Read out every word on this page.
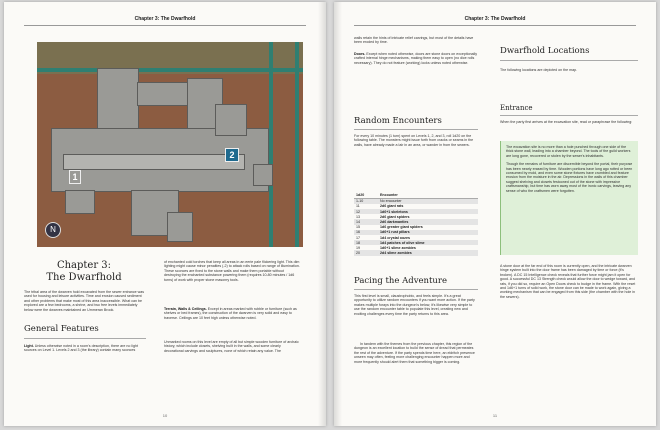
Chapter 3: The Dwarfhold
1
2
N
Chapter 3:
The Dwarfhold

The tribal area of the dwarven hold excavated from the sewer entrance was used for housing and leisure activities. Time and erosion caused sediment and other problems that make most of this area inaccessible. What can be explored are a few bedrooms, a shrine, and two free levels immediately below were the dwarves maintained an Ummeran Brook.

General Features

Light. Unless otherwise noted in a room's description, there are no light sources on Level 1. Levels 2 and 3 (the library) contain many sconces

of enchanted cold torches that keep all areas in an eerie pale flickering light. This dim lighting might cause minor penalties (-2) to attack rolls based on range of illumination. These sconces are fixed to the stone walls and make them portable without destroying the enchanted substance powering them (requires 10-80 minutes / 1d6 turns) of work with proper stone masonry tools.

Terrain, Walls & Ceilings. Except in areas marked with rubble or furniture (such as shelves or bed frames), the construction of the dwarven is very solid and easy to traverse. Ceilings are 10 feet high unless otherwise noted.

Unmarked rooms on this level are empty of all but simple wooden furniture of archaic history, which include closets, shelving built in the walls, and some clearly decorational carvings and sculptures, none of which retain any value. The

10
Chapter 3: The Dwarfhold

walls retain the hints of intricate relief carvings, but most of the details have been eroded by time.

Doors. Except when noted otherwise, doors are stone doors on exceptionally crafted internal hinge mechanisms, making them easy to open (no dice rolls necessary). They do not feature (working) locks unless noted otherwise.

Random Encounters

For every 10 minutes (1 turn) spent on Levels 1, 2, and 3, roll 1d20 on the following table. The monsters might issue forth from cracks or seams in the walls, have already made a lair in an area, or wander in from the sewers.

1d20	Encounter
1-10	No encounter
11	2d6 giant rats
12	1d6+1 skeletons
13	2d6 giant spiders
14	2d6 darkmantles
15	1d6 greater giant spiders
16	1d6+1 rust pillars
17	1d4 crystal oozes
18	1d4 patches of olive slime
19	1d6+1 slime zombies
20	2d4 slime zombies
Pacing the Adventure

This first level is small, claustrophobic, and feels simple. It's a great opportunity to utilize random encounters if you want more action. If the party makes multiple forays into the dungeon's below, it's likewise very simple to use the random encounter table to populate this level, creating new and exciting challenges every time the party returns to this area.

In tandem with the themes from the previous chapter, this region of the dungeon is an excellent location to build the sense of dread that permeates the rest of the adventure. If the party spends time here, an eldritch presence unseen may often, feeling more challenging encounter happen more and more frequently should alert them that something bigger is coming.

Dwarfhold Locations

The following locations are depicted on the map.

Entrance

When the party first arrives at the excavation site, read or paraphrase the following:

The excavation site is no more than a hole punched through one side of the thick stone wall, leading into a chamber beyond. The tools of the guild workers are long gone, recovered or stolen by the sewer's inhabitants.

Though the remains of furniture are discernible beyond the portal, their purpose has been nearly erased by time. Wooden portions have long ago rotted or been consumed by mold, and even some stone fixtures have crumbled and feature erosion from the moisture in the air. Depressions in the walls of this chamber suggest shelving and closets festooned out of the stone with impressive craftsmanship, but time has worn away most of the ironic carvings, leaving any sense of who the craftsmen were forgotten.

A stone door at the far end of this room is currently open, and the intricate dwarven hinge system built into the door frame has been damaged by time or force (it's broken). A DC 15 Intelligence check reveals that further force might jam it open for good. A successful DC 13 Strength check would allow the door to wedge toward, and rats, if you did so, require an Open Doors check to budge in the frame. With the reset and 1d6+1 turns of solid work, the stone door can be made to work again, giving a working mechanism that can be engaged from this side (the chamber with the hole in the sewers).

11
